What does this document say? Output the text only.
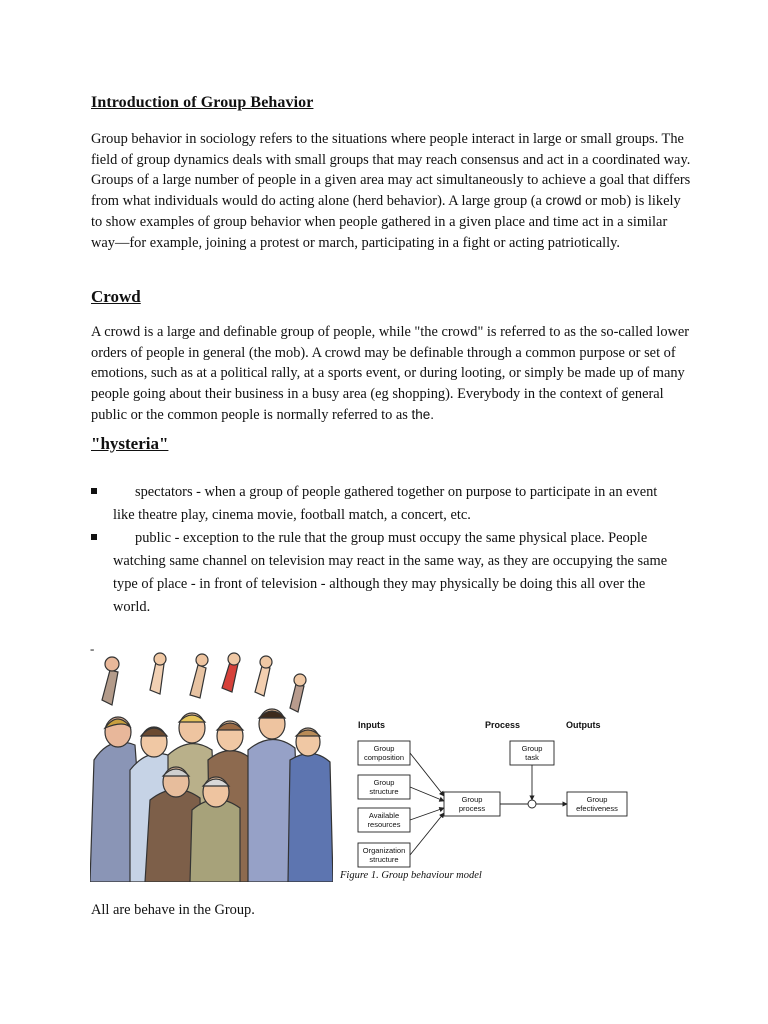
Introduction of Group Behavior

Group behavior in sociology refers to the situations where people interact in large or small groups. The field of group dynamics deals with small groups that may reach consensus and act in a coordinated way. Groups of a large number of people in a given area may act simultaneously to achieve a goal that differs from what individuals would do acting alone (herd behavior). A large group (a crowd or mob) is likely to show examples of group behavior when people gathered in a given place and time act in a similar way—for example, joining a protest or march, participating in a fight or acting patriotically.

Crowd

A crowd is a large and definable group of people, while "the crowd" is referred to as the so-called lower orders of people in general (the mob). A crowd may be definable through a common purpose or set of emotions, such as at a political rally, at a sports event, or during looting, or simply be made up of many people going about their business in a busy area (eg shopping). Everybody in the context of general public or the common people is normally referred to as the.

"hysteria"
spectators - when a group of people gathered together on purpose to participate in an event like theatre play, cinema movie, football match, a concert, etc.
public - exception to the rule that the group must occupy the same physical place. People watching same channel on television may react in the same way, as they are occupying the same type of place - in front of television - although they may physically be doing this all over the world.
-
Inputs	Process	Outputs
Group
composition
Group
structure
Available
resources
Organization
structure
Group
task
Group
process
Group
efectiveness
Figure 1. Group behaviour model
All are behave in the Group.
